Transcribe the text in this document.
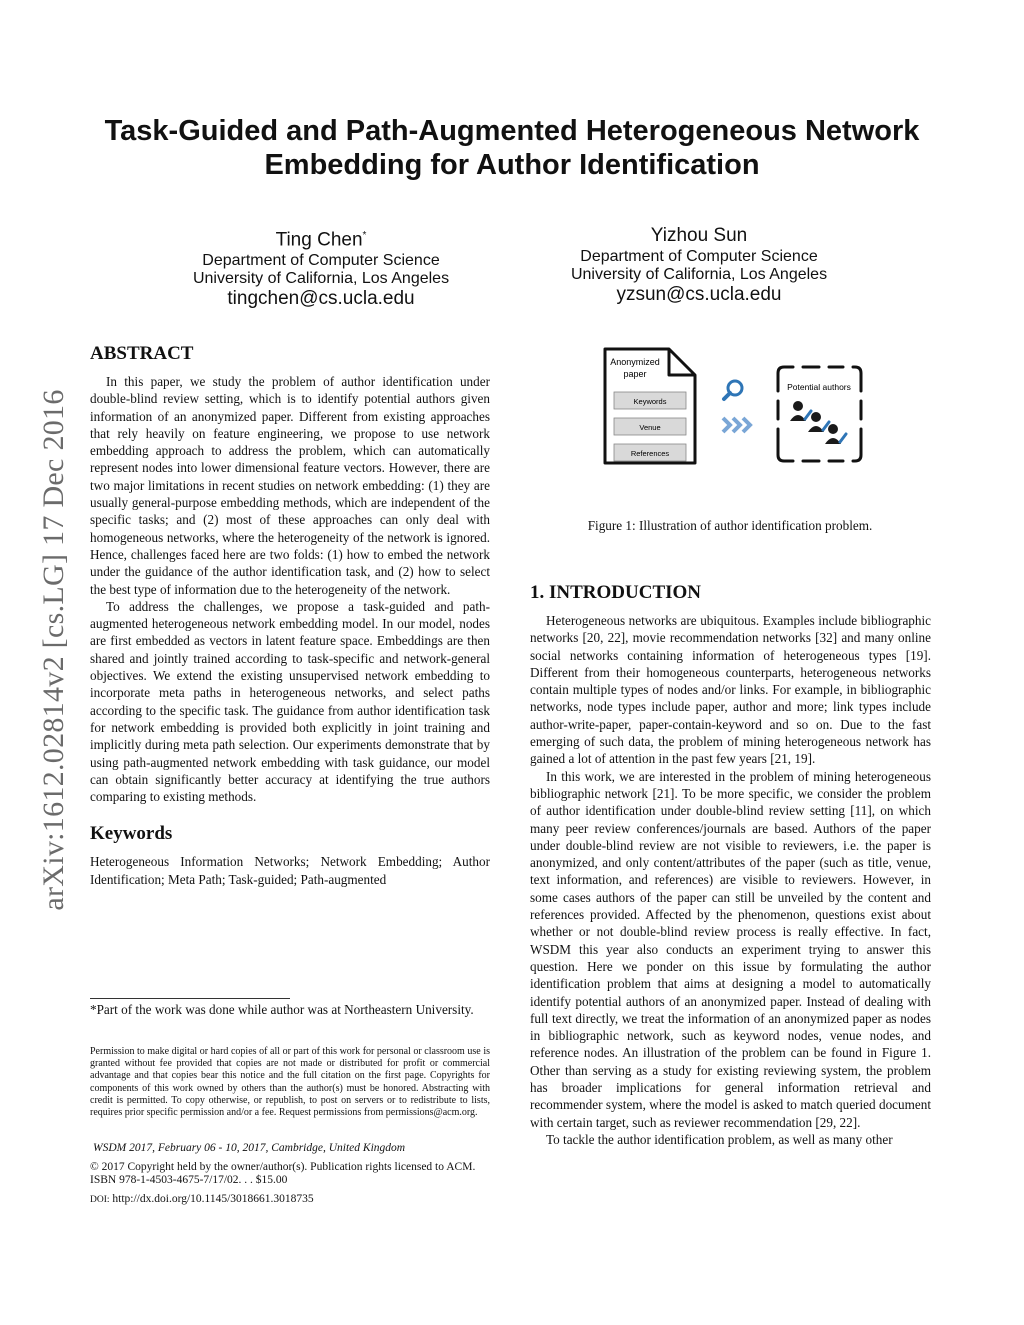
arXiv:1612.02814v2 [cs.LG] 17 Dec 2016
Task-Guided and Path-Augmented Heterogeneous Network
Embedding for Author Identification
Ting Chen*
Department of Computer Science
University of California, Los Angeles
tingchen@cs.ucla.edu
Yizhou Sun
Department of Computer Science
University of California, Los Angeles
yzsun@cs.ucla.edu
ABSTRACT

In this paper, we study the problem of author identification under double-blind review setting, which is to identify potential authors given information of an anonymized paper. Different from existing approaches that rely heavily on feature engineering, we propose to use network embedding approach to address the problem, which can automatically represent nodes into lower dimensional feature vectors. However, there are two major limitations in recent studies on network embedding: (1) they are usually general-purpose embedding methods, which are independent of the specific tasks; and (2) most of these approaches can only deal with homogeneous networks, where the heterogeneity of the network is ignored. Hence, challenges faced here are two folds: (1) how to embed the network under the guidance of the author identification task, and (2) how to select the best type of information due to the heterogeneity of the network.

To address the challenges, we propose a task-guided and path-augmented heterogeneous network embedding model. In our model, nodes are first embedded as vectors in latent feature space. Embeddings are then shared and jointly trained according to task-specific and network-general objectives. We extend the existing unsupervised network embedding to incorporate meta paths in heterogeneous networks, and select paths according to the specific task. The guidance from author identification task for network embedding is provided both explicitly in joint training and implicitly during meta path selection. Our experiments demonstrate that by using path-augmented network embedding with task guidance, our model can obtain significantly better accuracy at identifying the true authors comparing to existing methods.

Keywords

Heterogeneous Information Networks; Network Embedding; Author Identification; Meta Path; Task-guided; Path-augmented

*Part of the work was done while author was at Northeastern University.
Permission to make digital or hard copies of all or part of this work for personal or classroom use is granted without fee provided that copies are not made or distributed for profit or commercial advantage and that copies bear this notice and the full citation on the first page. Copyrights for components of this work owned by others than the author(s) must be honored. Abstracting with credit is permitted. To copy otherwise, or republish, to post on servers or to redistribute to lists, requires prior specific permission and/or a fee. Request permissions from permissions@acm.org.
WSDM 2017, February 06 - 10, 2017, Cambridge, United Kingdom
© 2017 Copyright held by the owner/author(s). Publication rights licensed to ACM.
ISBN 978-1-4503-4675-7/17/02. . . $15.00
DOI: http://dx.doi.org/10.1145/3018661.3018735
Anonymized
paper
Keywords
Venue
References
Potential authors
Figure 1: Illustration of author identification problem.
1. INTRODUCTION

Heterogeneous networks are ubiquitous. Examples include bibliographic networks [20, 22], movie recommendation networks [32] and many online social networks containing information of heterogeneous types [19]. Different from their homogeneous counterparts, heterogeneous networks contain multiple types of nodes and/or links. For example, in bibliographic networks, node types include paper, author and more; link types include author-write-paper, paper-contain-keyword and so on. Due to the fast emerging of such data, the problem of mining heterogeneous network has gained a lot of attention in the past few years [21, 19].

In this work, we are interested in the problem of mining heterogeneous bibliographic network [21]. To be more specific, we consider the problem of author identification under double-blind review setting [11], on which many peer review conferences/journals are based. Authors of the paper under double-blind review are not visible to reviewers, i.e. the paper is anonymized, and only content/attributes of the paper (such as title, venue, text information, and references) are visible to reviewers. However, in some cases authors of the paper can still be unveiled by the content and references provided. Affected by the phenomenon, questions exist about whether or not double-blind review process is really effective. In fact, WSDM this year also conducts an experiment trying to answer this question. Here we ponder on this issue by formulating the author identification problem that aims at designing a model to automatically identify potential authors of an anonymized paper. Instead of dealing with full text directly, we treat the information of an anonymized paper as nodes in bibliographic network, such as keyword nodes, venue nodes, and reference nodes. An illustration of the problem can be found in Figure 1. Other than serving as a study for existing reviewing system, the problem has broader implications for general information retrieval and recommender system, where the model is asked to match queried document with certain target, such as reviewer recommendation [29, 22].

To tackle the author identification problem, as well as many other
